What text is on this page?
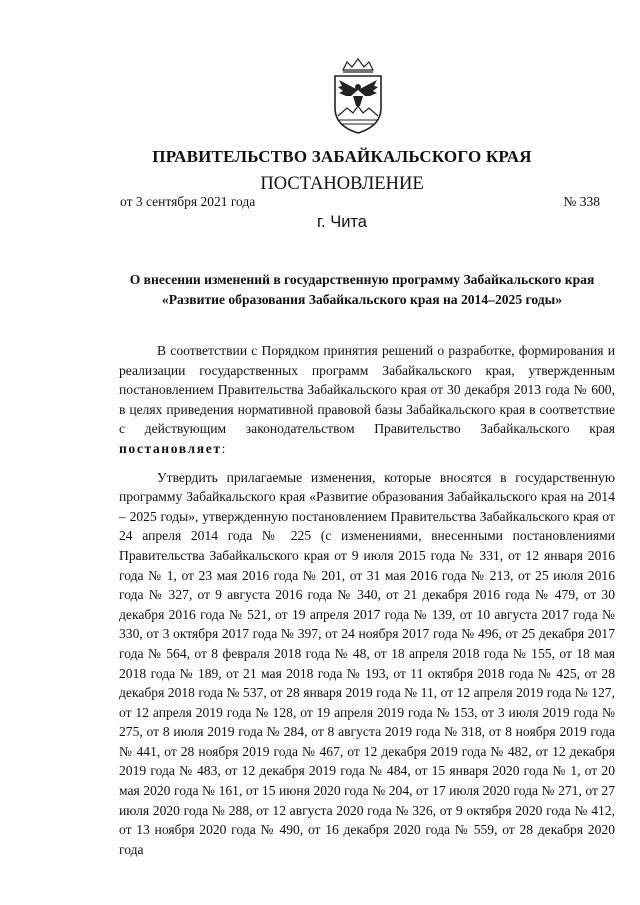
ПРАВИТЕЛЬСТВО ЗАБАЙКАЛЬСКОГО КРАЯ
ПОСТАНОВЛЕНИЕ
от 3 сентября 2021 года	№ 338
г. Чита
О внесении изменений в государственную программу Забайкальского края «Развитие образования Забайкальского края на 2014–2025 годы»

В соответствии с Порядком принятия решений о разработке, формирования и реализации государственных программ Забайкальского края, утвержденным постановлением Правительства Забайкальского края от 30 декабря 2013 года № 600, в целях приведения нормативной правовой базы Забайкальского края в соответствие с действующим законодательством Правительство Забайкальского края постановляет:

Утвердить прилагаемые изменения, которые вносятся в государственную программу Забайкальского края «Развитие образования Забайкальского края на 2014 – 2025 годы», утвержденную постановлением Правительства Забайкальского края от 24 апреля 2014 года № 225 (с изменениями, внесенными постановлениями Правительства Забайкальского края от 9 июля 2015 года № 331, от 12 января 2016 года № 1, от 23 мая 2016 года № 201, от 31 мая 2016 года № 213, от 25 июля 2016 года № 327, от 9 августа 2016 года № 340, от 21 декабря 2016 года № 479, от 30 декабря 2016 года № 521, от 19 апреля 2017 года № 139, от 10 августа 2017 года № 330, от 3 октября 2017 года № 397, от 24 ноября 2017 года № 496, от 25 декабря 2017 года № 564, от 8 февраля 2018 года № 48, от 18 апреля 2018 года № 155, от 18 мая 2018 года № 189, от 21 мая 2018 года № 193, от 11 октября 2018 года № 425, от 28 декабря 2018 года № 537, от 28 января 2019 года № 11, от 12 апреля 2019 года № 127, от 12 апреля 2019 года № 128, от 19 апреля 2019 года № 153, от 3 июля 2019 года № 275, от 8 июля 2019 года № 284, от 8 августа 2019 года № 318, от 8 ноября 2019 года № 441, от 28 ноября 2019 года № 467, от 12 декабря 2019 года № 482, от 12 декабря 2019 года № 483, от 12 декабря 2019 года № 484, от 15 января 2020 года № 1, от 20 мая 2020 года № 161, от 15 июня 2020 года № 204, от 17 июля 2020 года № 271, от 27 июля 2020 года № 288, от 12 августа 2020 года № 326, от 9 октября 2020 года № 412, от 13 ноября 2020 года № 490, от 16 декабря 2020 года № 559, от 28 декабря 2020 года
